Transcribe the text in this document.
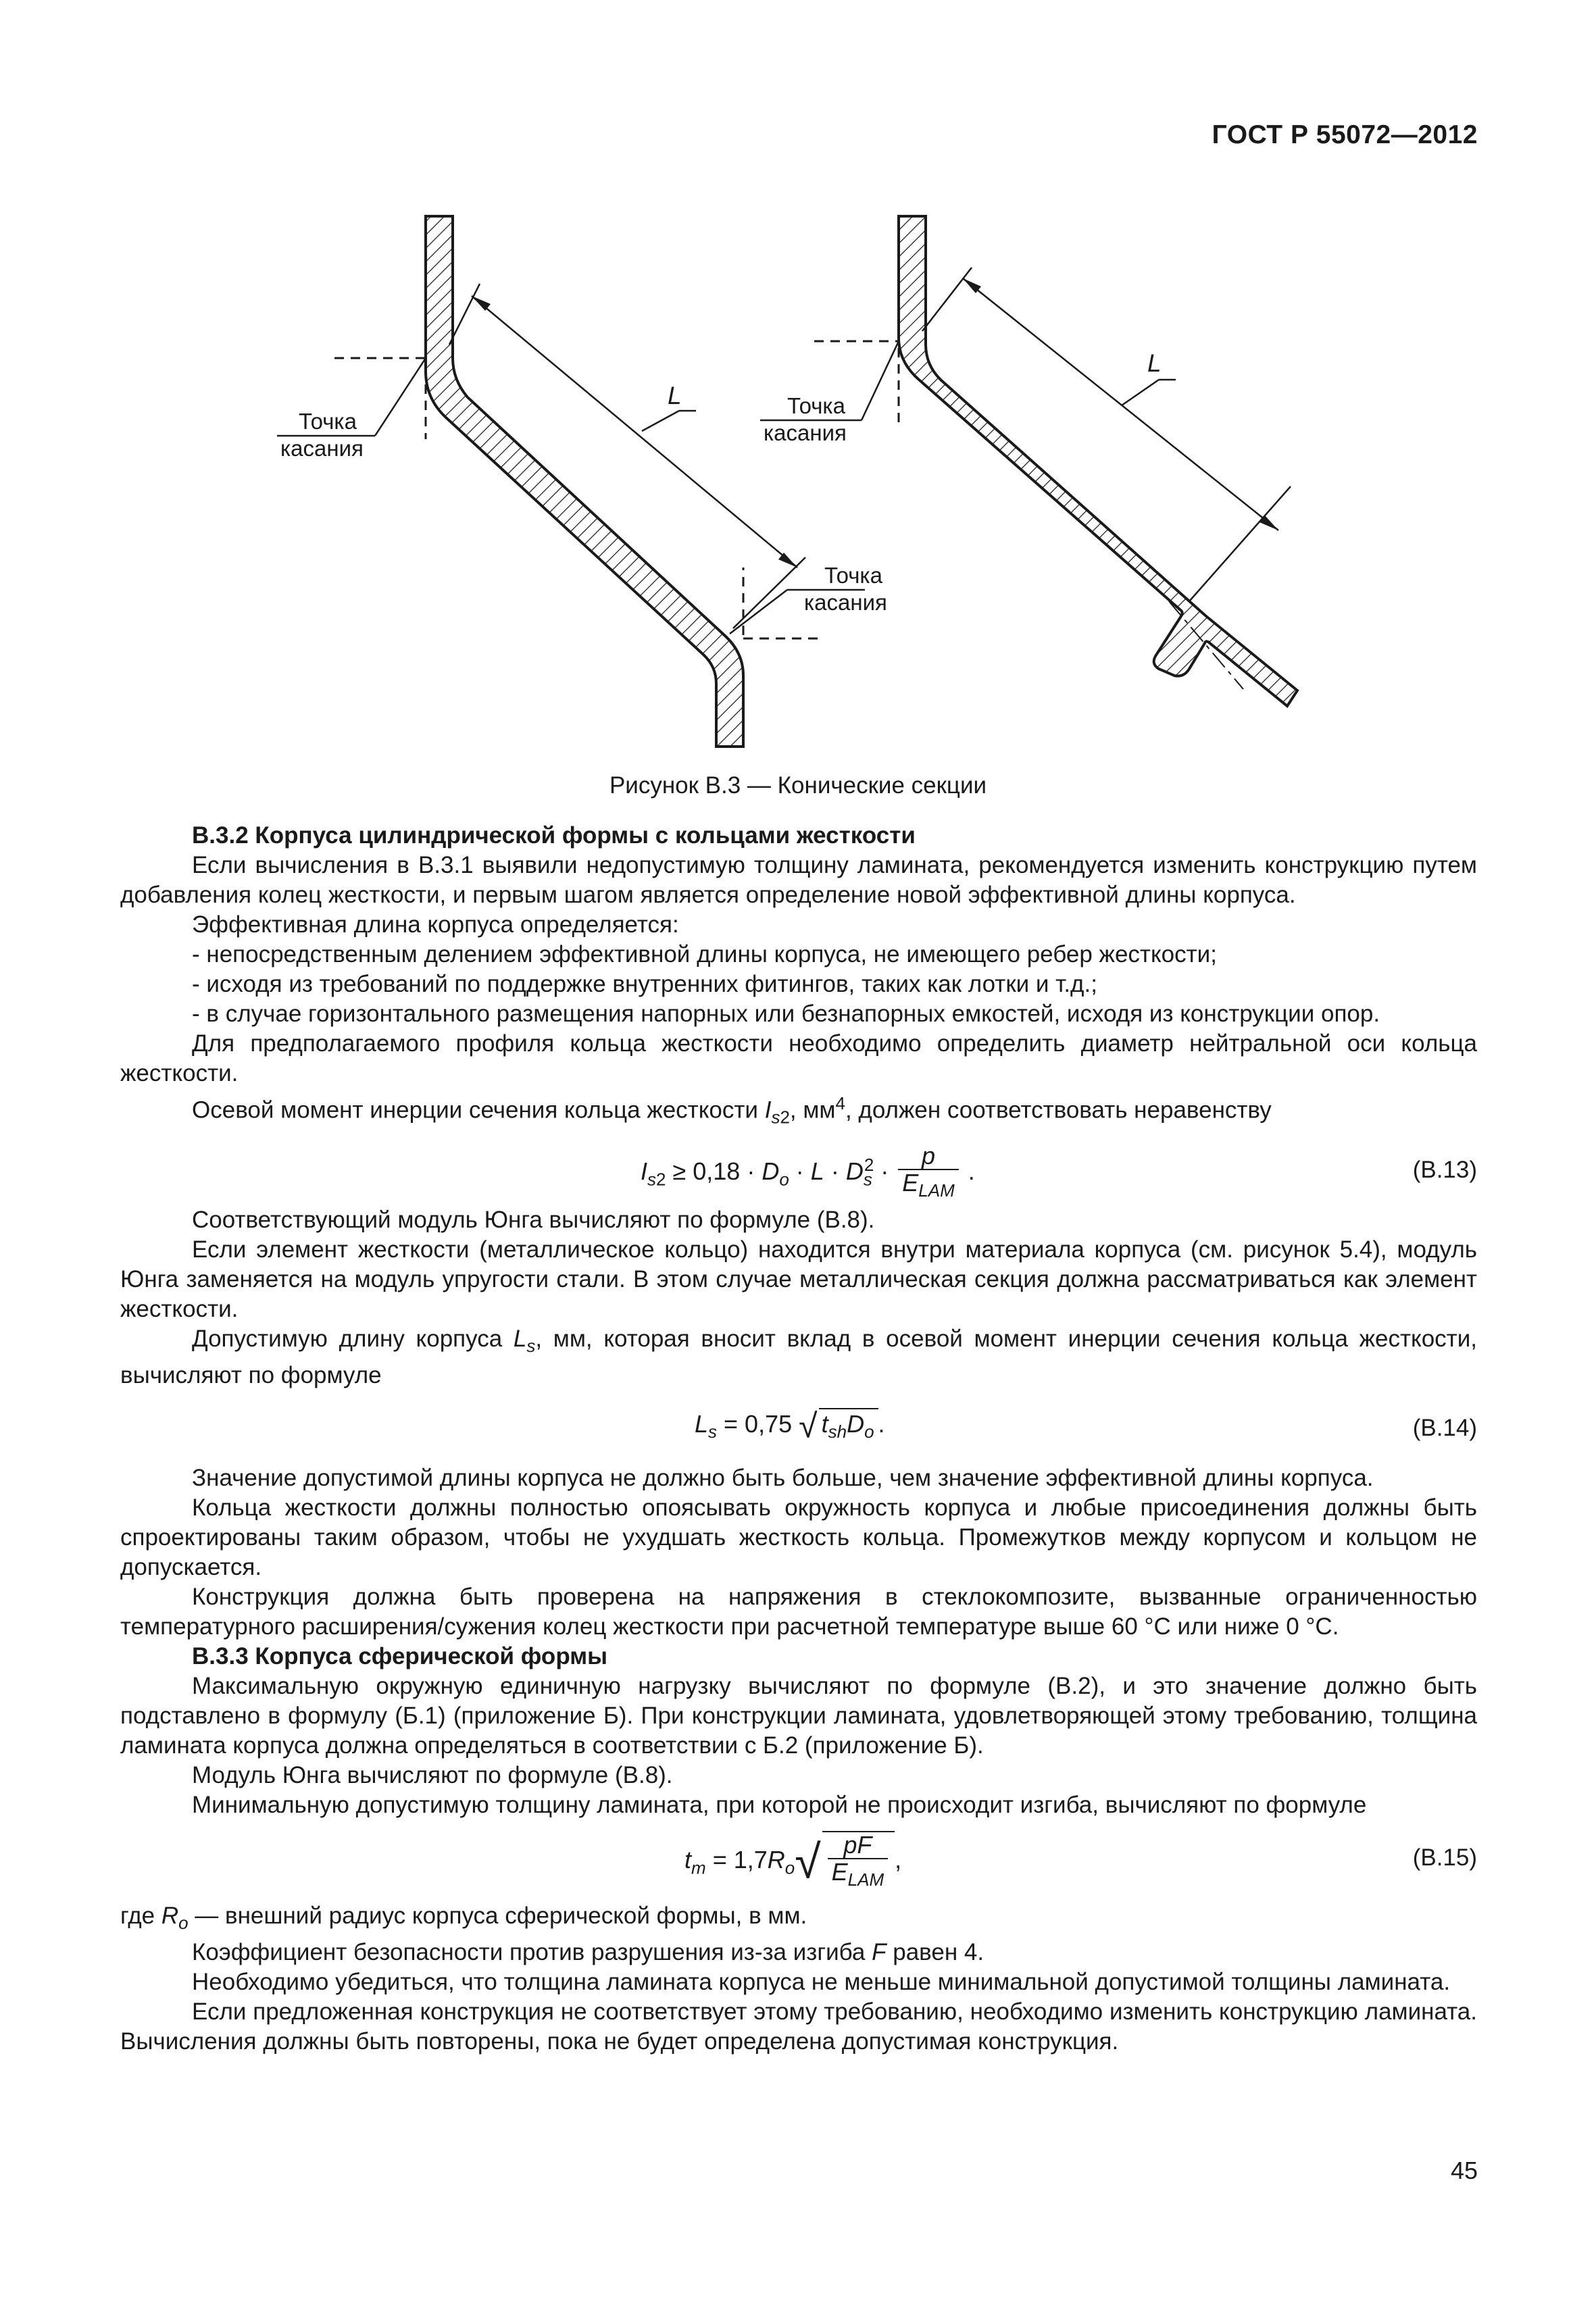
ГОСТ Р 55072—2012
L
Точка
касания
Точка
касания
Точка
касания
L
Рисунок В.3 — Конические секции

В.3.2 Корпуса цилиндрической формы с кольцами жесткости

Если вычисления в В.3.1 выявили недопустимую толщину ламината, рекомендуется изменить конструкцию путем добавления колец жесткости, и первым шагом является определение новой эффективной длины корпуса.

Эффективная длина корпуса определяется:

- непосредственным делением эффективной длины корпуса, не имеющего ребер жесткости;

- исходя из требований по поддержке внутренних фитингов, таких как лотки и т.д.;

- в случае горизонтального размещения напорных или безнапорных емкостей, исходя из конструкции опор.

Для предполагаемого профиля кольца жесткости необходимо определить диаметр нейтральной оси кольца жесткости.

Осевой момент инерции сечения кольца жесткости $I_{s2}$, $мм^4$, должен соответствовать неравенству

$I_{s2} \ge 0,18 \cdot D_o \cdot L \cdot D_s^2 \cdot \frac{p}{E_{LAM}}$ .	(В.13)

Соответствующий модуль Юнга вычисляют по формуле (В.8).

Если элемент жесткости (металлическое кольцо) находится внутри материала корпуса (см. рисунок 5.4), модуль Юнга заменяется на модуль упругости стали. В этом случае металлическая секция должна рассматриваться как элемент жесткости.

Допустимую длину корпуса $L_s$, мм, которая вносит вклад в осевой момент инерции сечения кольца жесткости, вычисляют по формуле

$L_s = 0,75$ √ $t_{sh}D_o$ .	(В.14)

Значение допустимой длины корпуса не должно быть больше, чем значение эффективной длины корпуса.

Кольца жесткости должны полностью опоясывать окружность корпуса и любые присоединения должны быть спроектированы таким образом, чтобы не ухудшать жесткость кольца. Промежутков между корпусом и кольцом не допускается.

Конструкция должна быть проверена на напряжения в стеклокомпозите, вызванные ограниченностью температурного расширения/сужения колец жесткости при расчетной температуре выше 60 °С или ниже 0 °С.

В.3.3 Корпуса сферической формы

Максимальную окружную единичную нагрузку вычисляют по формуле (В.2), и это значение должно быть подставлено в формулу (Б.1) (приложение Б). При конструкции ламината, удовлетворяющей этому требованию, толщина ламината корпуса должна определяться в соответствии с Б.2 (приложение Б).

Модуль Юнга вычисляют по формуле (В.8).

Минимальную допустимую толщину ламината, при которой не происходит изгиба, вычисляют по формуле

$t_m = 1,7R_o√ \frac{pF}{E_{LAM}}$ ,	(В.15)

где $R_o$ — внешний радиус корпуса сферической формы, в мм.

Коэффициент безопасности против разрушения из-за изгиба F равен 4.

Необходимо убедиться, что толщина ламината корпуса не меньше минимальной допустимой толщины ламината.

Если предложенная конструкция не соответствует этому требованию, необходимо изменить конструкцию ламината. Вычисления должны быть повторены, пока не будет определена допустимая конструкция.

45
